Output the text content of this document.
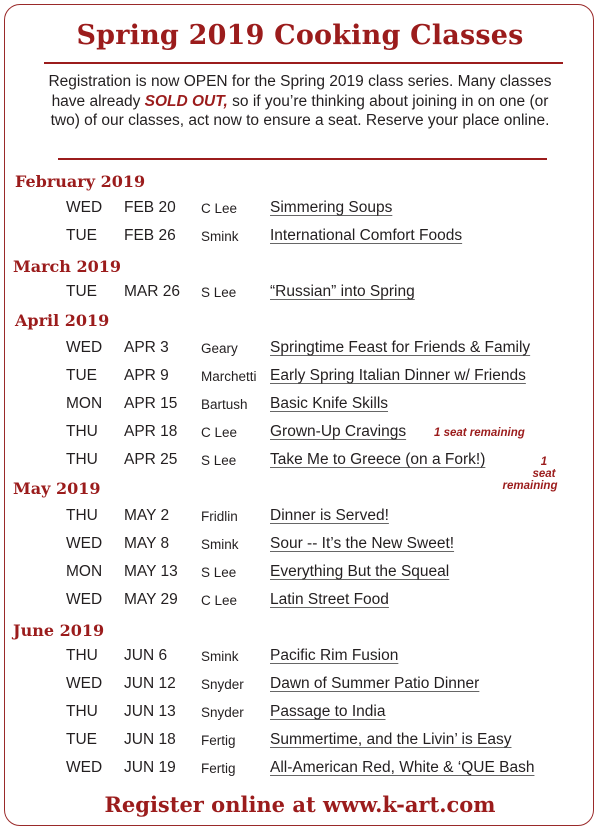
Spring 2019 Cooking Classes
Registration is now OPEN for the Spring 2019 class series. Many classes have already SOLD OUT, so if you’re thinking about joining in on one (or two) of our classes, act now to ensure a seat. Reserve your place online.
February 2019
WED FEB 20 C Lee Simmering Soups
TUE FEB 26 Smink International Comfort Foods
March 2019
TUE MAR 26 S Lee “Russian” into Spring
April 2019
WED APR 3 Geary Springtime Feast for Friends & Family
TUE APR 9 Marchetti Early Spring Italian Dinner w/ Friends
MON APR 15 Bartush Basic Knife Skills
THU APR 18 C Lee Grown-Up Cravings 1 seat remaining
THU APR 25 S Lee Take Me to Greece (on a Fork!)	1 seat
remaining
May 2019
THU MAY 2 Fridlin Dinner is Served!
WED MAY 8 Smink Sour -- It’s the New Sweet!
MON MAY 13 S Lee Everything But the Squeal
WED MAY 29 C Lee Latin Street Food
June 2019
THU JUN 6	Smink Pacific Rim Fusion
WED JUN 12 Snyder Dawn of Summer Patio Dinner
THU JUN 13 Snyder Passage to India
TUE JUN 18 Fertig Summertime, and the Livin’ is Easy
WED JUN 19 Fertig All-American Red, White & ‘QUE Bash
Register online at www.k-art.com
